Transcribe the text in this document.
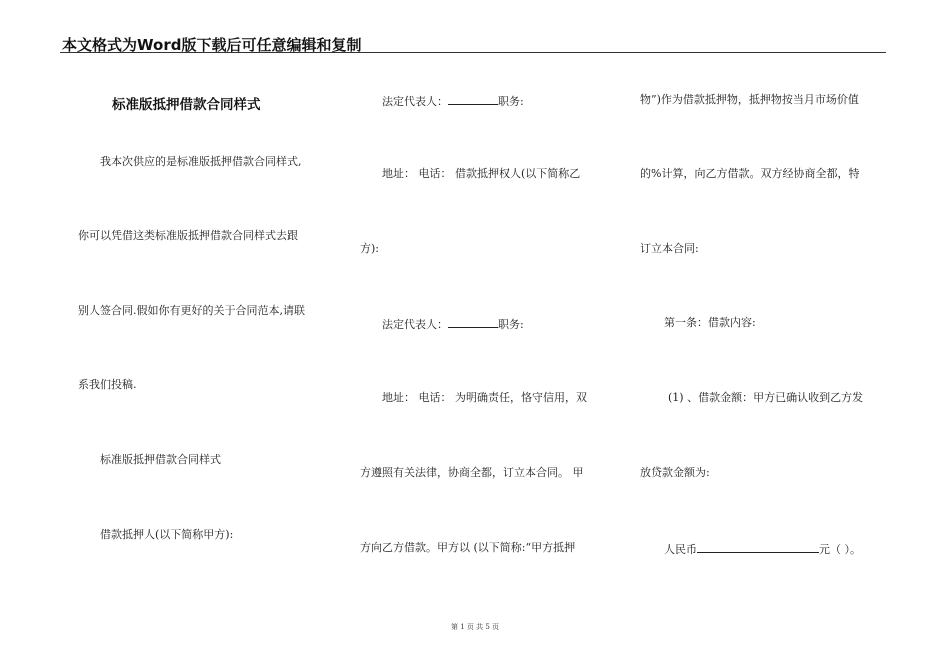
本文格式为Word版下载后可任意编辑和复制
标准版抵押借款合同样式
我本次供应的是标准版抵押借款合同样式,
你可以凭借这类标准版抵押借款合同样式去跟
别人签合同.假如你有更好的关于合同范本,请联
系我们投稿.
标准版抵押借款合同样式
借款抵押人(以下简称甲方):
法定代表人：	职务:
地址： 电话： 借款抵押权人(以下简称乙
方):
法定代表人：	职务:
地址： 电话： 为明确责任，恪守信用，双
方遵照有关法律，协商全都，订立本合同。 甲
方向乙方借款。甲方以 (以下简称:“甲方抵押
物”)作为借款抵押物，抵押物按当月市场价值
的%计算，向乙方借款。双方经协商全都，特
订立本合同:
第一条：借款内容:
(1) 、借款金额：甲方已确认收到乙方发
放贷款金额为:
人民币	元（ ）。
第 1 页 共 5 页
